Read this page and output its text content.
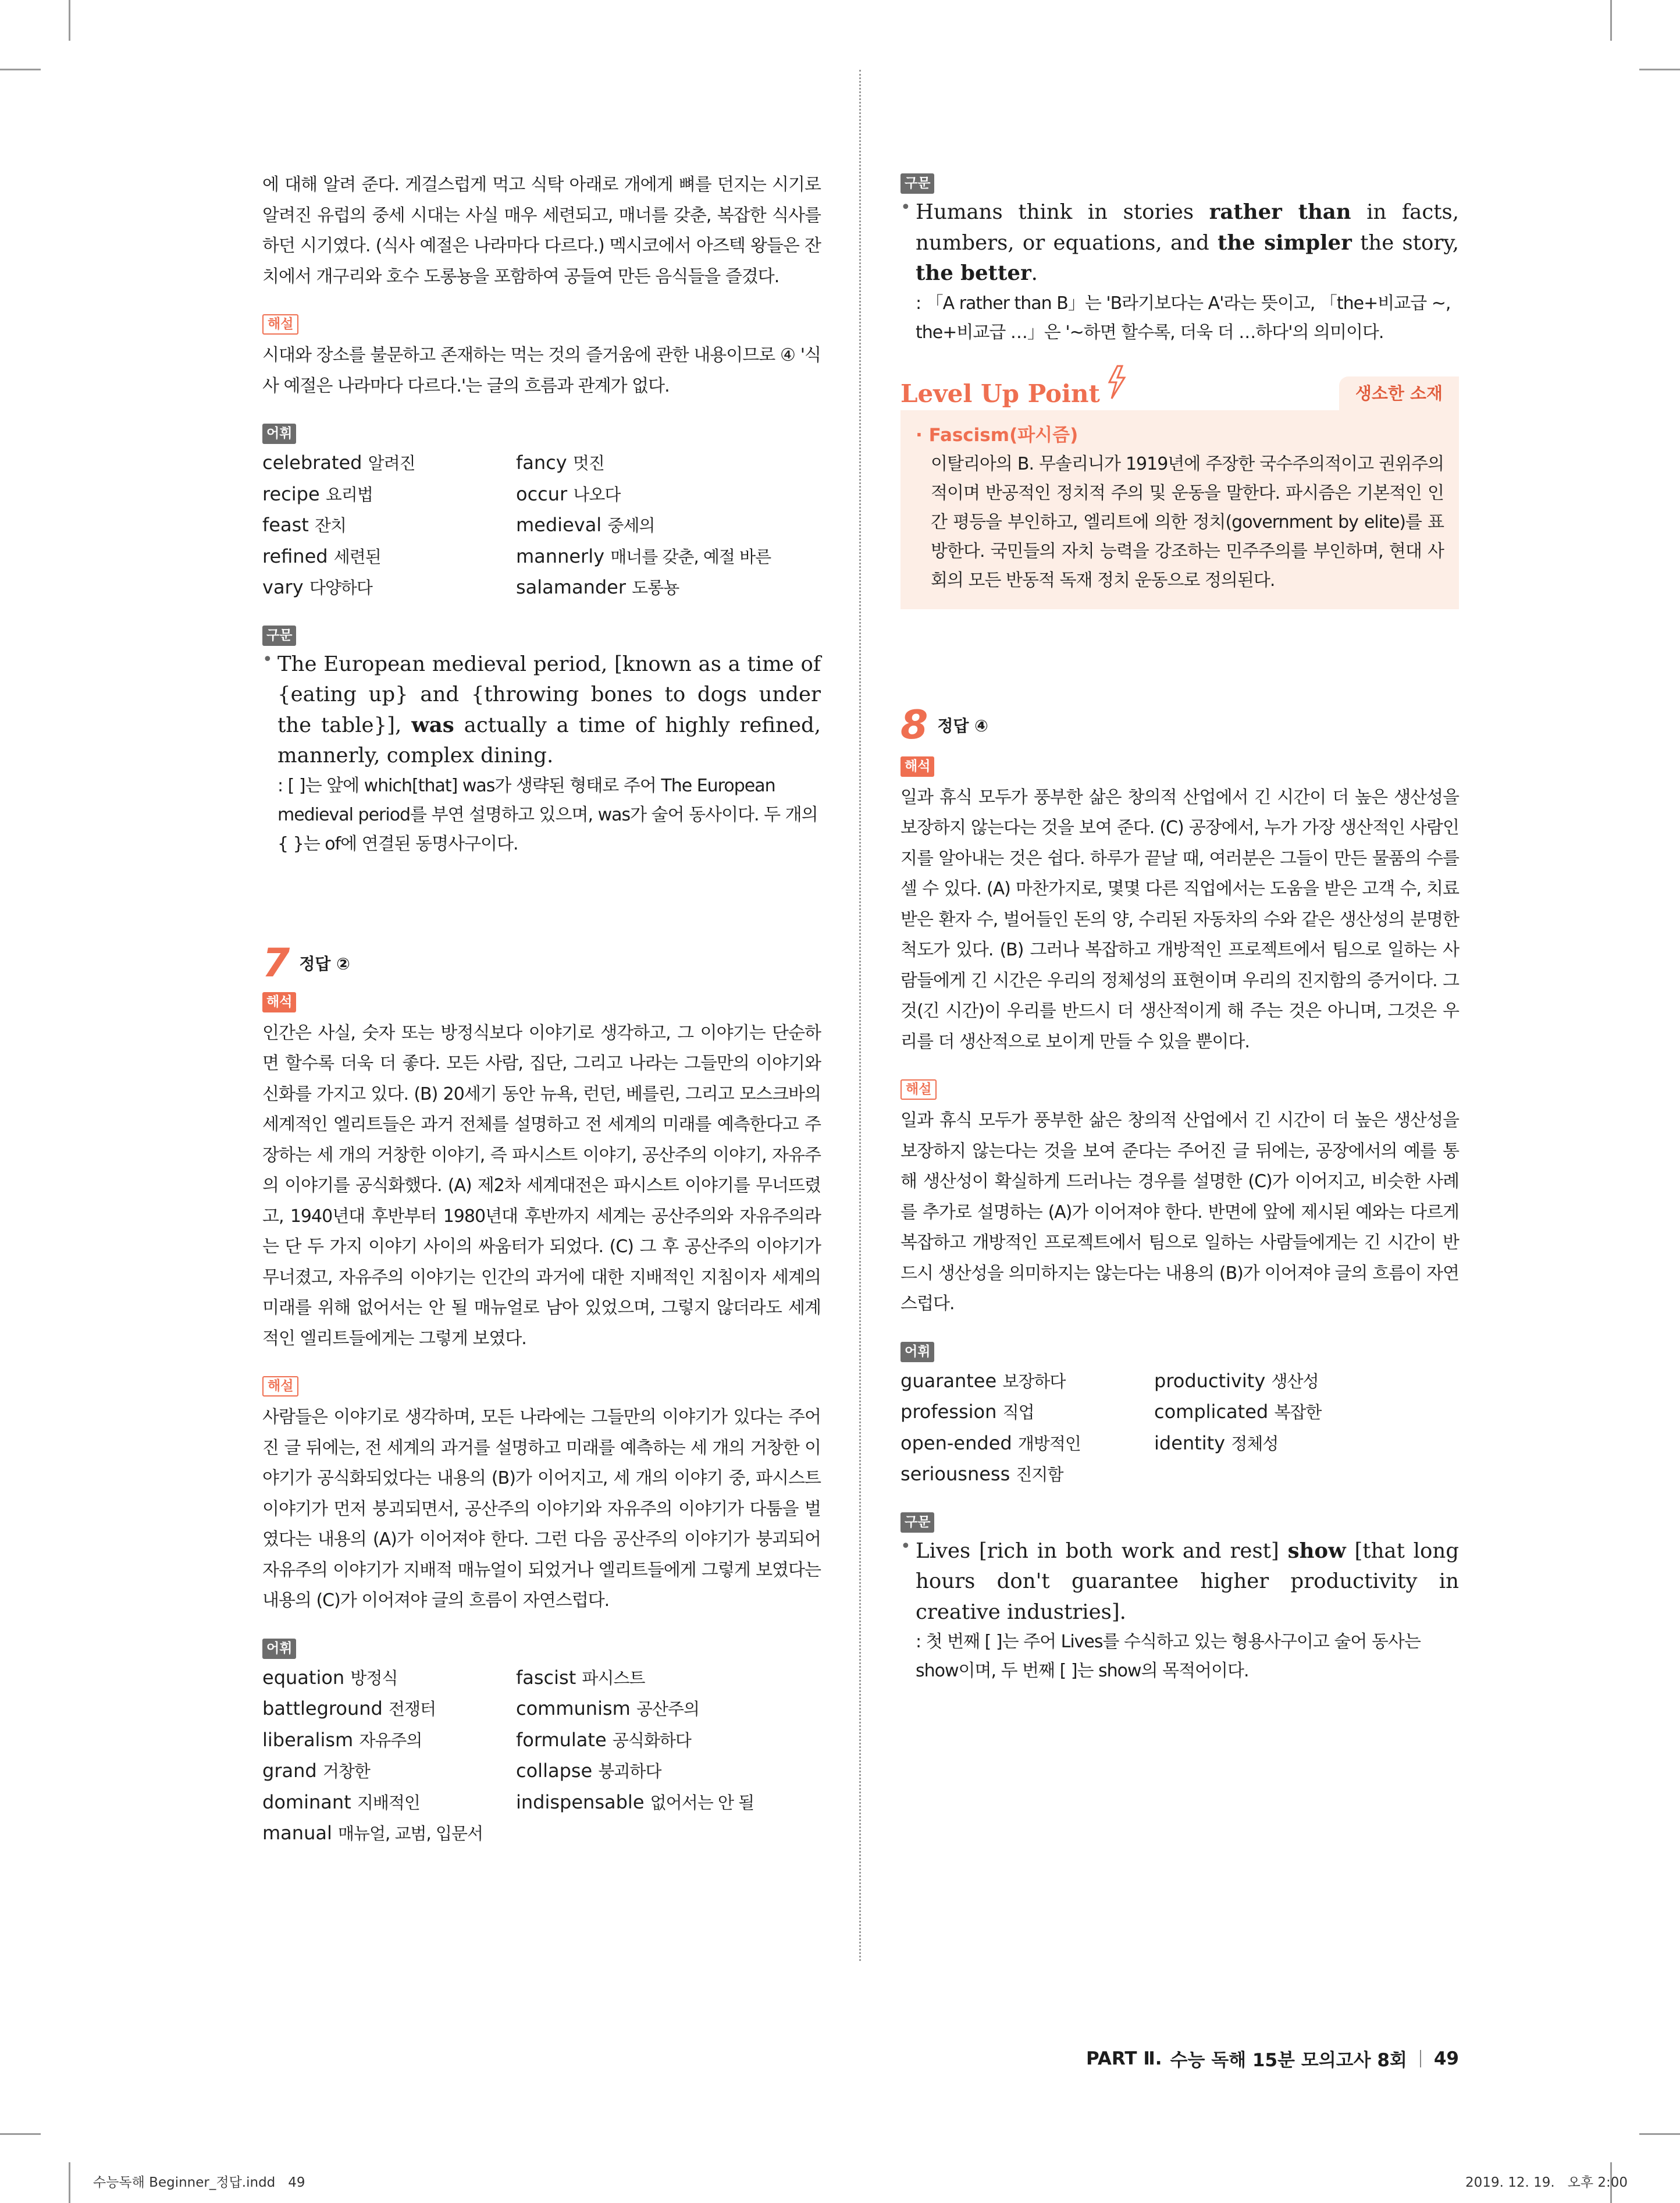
에 대해 알려 준다. 게걸스럽게 먹고 식탁 아래로 개에게 뼈를 던지는 시기로 알려진 유럽의 중세 시대는 사실 매우 세련되고, 매너를 갖춘, 복잡한 식사를 하던 시기였다. (식사 예절은 나라마다 다르다.) 멕시코에서 아즈텍 왕들은 잔치에서 개구리와 호수 도롱뇽을 포함하여 공들여 만든 음식들을 즐겼다.

해설

시대와 장소를 불문하고 존재하는 먹는 것의 즐거움에 관한 내용이므로 ④ '식사 예절은 나라마다 다르다.'는 글의 흐름과 관계가 없다.

어휘
celebrated 알려진	fancy 멋진
recipe 요리법	occur 나오다
feast 잔치	medieval 중세의
refined 세련된	mannerly 매너를 갖춘, 예절 바른
vary 다양하다	salamander 도롱뇽
구문
• The European medieval period, [known as a time of {eating up} and {throwing bones to dogs under the table}], was actually a time of highly refined, mannerly, complex dining.

: [ ]는 앞에 which[that] was가 생략된 형태로 주어 The European medieval period를 부연 설명하고 있으며, was가 술어 동사이다. 두 개의 { }는 of에 연결된 동명사구이다.

7 정답 ②
해석

인간은 사실, 숫자 또는 방정식보다 이야기로 생각하고, 그 이야기는 단순하면 할수록 더욱 더 좋다. 모든 사람, 집단, 그리고 나라는 그들만의 이야기와 신화를 가지고 있다. (B) 20세기 동안 뉴욕, 런던, 베를린, 그리고 모스크바의 세계적인 엘리트들은 과거 전체를 설명하고 전 세계의 미래를 예측한다고 주장하는 세 개의 거창한 이야기, 즉 파시스트 이야기, 공산주의 이야기, 자유주의 이야기를 공식화했다. (A) 제2차 세계대전은 파시스트 이야기를 무너뜨렸고, 1940년대 후반부터 1980년대 후반까지 세계는 공산주의와 자유주의라는 단 두 가지 이야기 사이의 싸움터가 되었다. (C) 그 후 공산주의 이야기가 무너졌고, 자유주의 이야기는 인간의 과거에 대한 지배적인 지침이자 세계의 미래를 위해 없어서는 안 될 매뉴얼로 남아 있었으며, 그렇지 않더라도 세계적인 엘리트들에게는 그렇게 보였다.

해설

사람들은 이야기로 생각하며, 모든 나라에는 그들만의 이야기가 있다는 주어진 글 뒤에는, 전 세계의 과거를 설명하고 미래를 예측하는 세 개의 거창한 이야기가 공식화되었다는 내용의 (B)가 이어지고, 세 개의 이야기 중, 파시스트 이야기가 먼저 붕괴되면서, 공산주의 이야기와 자유주의 이야기가 다툼을 벌였다는 내용의 (A)가 이어져야 한다. 그런 다음 공산주의 이야기가 붕괴되어 자유주의 이야기가 지배적 매뉴얼이 되었거나 엘리트들에게 그렇게 보였다는 내용의 (C)가 이어져야 글의 흐름이 자연스럽다.

어휘
equation 방정식	fascist 파시스트
battleground 전쟁터	communism 공산주의
liberalism 자유주의	formulate 공식화하다
grand 거창한	collapse 붕괴하다
dominant 지배적인	indispensable 없어서는 안 될
manual 매뉴얼, 교범, 입문서
구문
• Humans think in stories rather than in facts, numbers, or equations, and the simpler the story, the better.

: 「A rather than B」는 'B라기보다는 A'라는 뜻이고, 「the+비교급 ~, the+비교급 …」은 '~하면 할수록, 더욱 더 …하다'의 의미이다.

Level Up Point	생소한 소재
· Fascism(파시즘)

이탈리아의 B. 무솔리니가 1919년에 주장한 국수주의적이고 권위주의적이며 반공적인 정치적 주의 및 운동을 말한다. 파시즘은 기본적인 인간 평등을 부인하고, 엘리트에 의한 정치(government by elite)를 표방한다. 국민들의 자치 능력을 강조하는 민주주의를 부인하며, 현대 사회의 모든 반동적 독재 정치 운동으로 정의된다.

8 정답 ④
해석

일과 휴식 모두가 풍부한 삶은 창의적 산업에서 긴 시간이 더 높은 생산성을 보장하지 않는다는 것을 보여 준다. (C) 공장에서, 누가 가장 생산적인 사람인지를 알아내는 것은 쉽다. 하루가 끝날 때, 여러분은 그들이 만든 물품의 수를 셀 수 있다. (A) 마찬가지로, 몇몇 다른 직업에서는 도움을 받은 고객 수, 치료받은 환자 수, 벌어들인 돈의 양, 수리된 자동차의 수와 같은 생산성의 분명한 척도가 있다. (B) 그러나 복잡하고 개방적인 프로젝트에서 팀으로 일하는 사람들에게 긴 시간은 우리의 정체성의 표현이며 우리의 진지함의 증거이다. 그것(긴 시간)이 우리를 반드시 더 생산적이게 해 주는 것은 아니며, 그것은 우리를 더 생산적으로 보이게 만들 수 있을 뿐이다.

해설

일과 휴식 모두가 풍부한 삶은 창의적 산업에서 긴 시간이 더 높은 생산성을 보장하지 않는다는 것을 보여 준다는 주어진 글 뒤에는, 공장에서의 예를 통해 생산성이 확실하게 드러나는 경우를 설명한 (C)가 이어지고, 비슷한 사례를 추가로 설명하는 (A)가 이어져야 한다. 반면에 앞에 제시된 예와는 다르게 복잡하고 개방적인 프로젝트에서 팀으로 일하는 사람들에게는 긴 시간이 반드시 생산성을 의미하지는 않는다는 내용의 (B)가 이어져야 글의 흐름이 자연스럽다.

어휘
guarantee 보장하다	productivity 생산성
profession 직업	complicated 복잡한
open-ended 개방적인	identity 정체성
seriousness 진지함
구문
• Lives [rich in both work and rest] show [that long hours don't guarantee higher productivity in creative industries].

: 첫 번째 [ ]는 주어 Lives를 수식하고 있는 형용사구이고 술어 동사는 show이며, 두 번째 [ ]는 show의 목적어이다.

PART Ⅱ. 수능 독해 15분 모의고사 8회 49
수능독해 Beginner_정답.indd   49	2019. 12. 19.   오후 2:00
